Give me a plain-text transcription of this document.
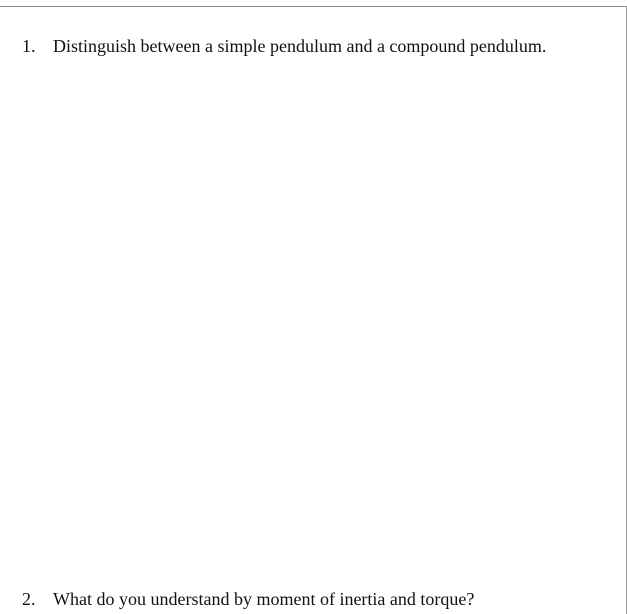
1. Distinguish between a simple pendulum and a compound pendulum.
2. What do you understand by moment of inertia and torque?
